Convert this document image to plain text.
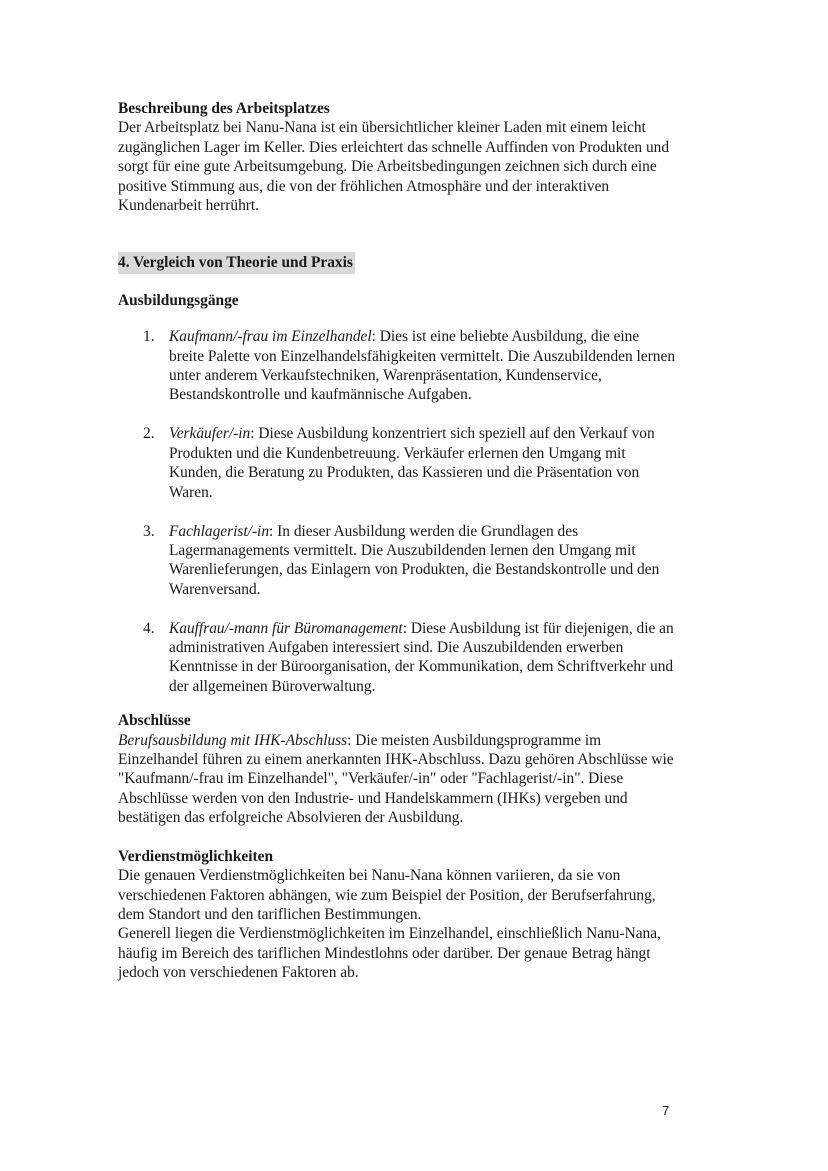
Beschreibung des Arbeitsplatzes

Der Arbeitsplatz bei Nanu-Nana ist ein übersichtlicher kleiner Laden mit einem leicht zugänglichen Lager im Keller. Dies erleichtert das schnelle Auffinden von Produkten und sorgt für eine gute Arbeitsumgebung. Die Arbeitsbedingungen zeichnen sich durch eine positive Stimmung aus, die von der fröhlichen Atmosphäre und der interaktiven Kundenarbeit herrührt.

4. Vergleich von Theorie und Praxis
Ausbildungsgänge
1. Kaufmann/-frau im Einzelhandel: Dies ist eine beliebte Ausbildung, die eine breite Palette von Einzelhandelsfähigkeiten vermittelt. Die Auszubildenden lernen unter anderem Verkaufstechniken, Warenpräsentation, Kundenservice, Bestandskontrolle und kaufmännische Aufgaben.
2. Verkäufer/-in: Diese Ausbildung konzentriert sich speziell auf den Verkauf von Produkten und die Kundenbetreuung. Verkäufer erlernen den Umgang mit Kunden, die Beratung zu Produkten, das Kassieren und die Präsentation von Waren.
3. Fachlagerist/-in: In dieser Ausbildung werden die Grundlagen des Lagermanagements vermittelt. Die Auszubildenden lernen den Umgang mit Warenlieferungen, das Einlagern von Produkten, die Bestandskontrolle und den Warenversand.
4. Kauffrau/-mann für Büromanagement: Diese Ausbildung ist für diejenigen, die an administrativen Aufgaben interessiert sind. Die Auszubildenden erwerben Kenntnisse in der Büroorganisation, der Kommunikation, dem Schriftverkehr und der allgemeinen Büroverwaltung.
Abschlüsse

Berufsausbildung mit IHK-Abschluss: Die meisten Ausbildungsprogramme im Einzelhandel führen zu einem anerkannten IHK-Abschluss. Dazu gehören Abschlüsse wie "Kaufmann/-frau im Einzelhandel", "Verkäufer/-in" oder "Fachlagerist/-in". Diese Abschlüsse werden von den Industrie- und Handelskammern (IHKs) vergeben und bestätigen das erfolgreiche Absolvieren der Ausbildung.

Verdienstmöglichkeiten

Die genauen Verdienstmöglichkeiten bei Nanu-Nana können variieren, da sie von verschiedenen Faktoren abhängen, wie zum Beispiel der Position, der Berufserfahrung, dem Standort und den tariflichen Bestimmungen.

Generell liegen die Verdienstmöglichkeiten im Einzelhandel, einschließlich Nanu-Nana, häufig im Bereich des tariflichen Mindestlohns oder darüber. Der genaue Betrag hängt jedoch von verschiedenen Faktoren ab.

7
